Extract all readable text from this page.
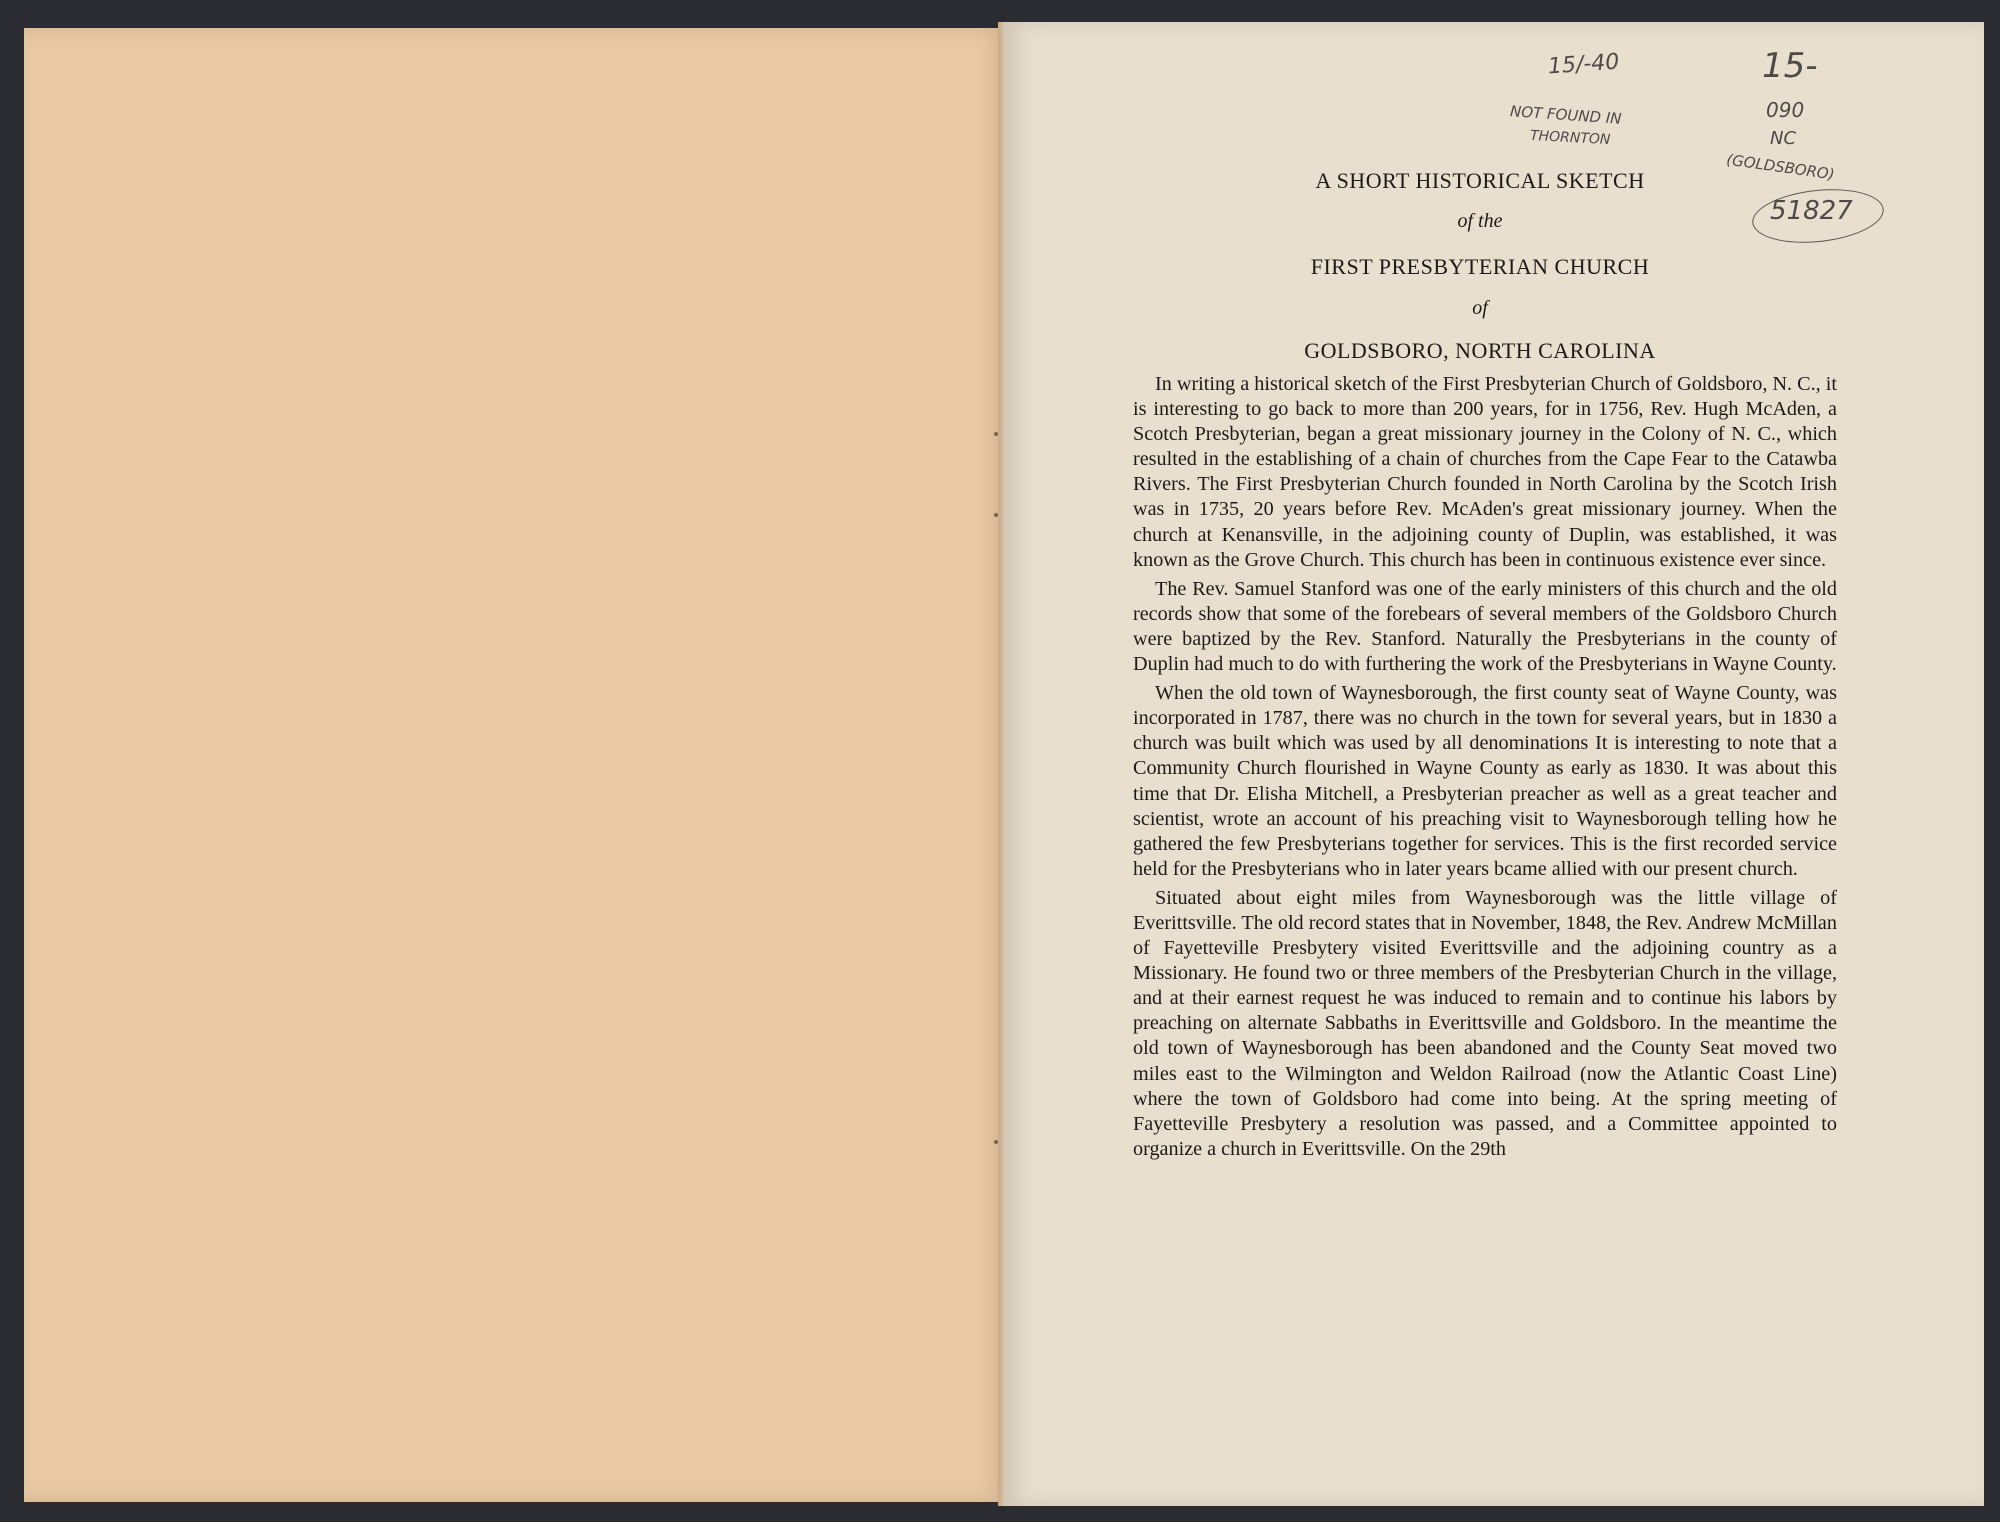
15/-40
NOT FOUND IN
THORNTON
15-
090
NC
(GOLDSBORO)
51827
A SHORT HISTORICAL SKETCH
of the
FIRST PRESBYTERIAN CHURCH
of
GOLDSBORO, NORTH CAROLINA

In writing a historical sketch of the First Presbyterian Church of Goldsboro, N. C., it is interesting to go back to more than 200 years, for in 1756, Rev. Hugh McAden, a Scotch Presbyterian, began a great missionary journey in the Colony of N. C., which resulted in the establishing of a chain of churches from the Cape Fear to the Catawba Rivers. The First Presbyterian Church founded in North Carolina by the Scotch Irish was in 1735, 20 years before Rev. McAden's great missionary journey. When the church at Kenansville, in the adjoining county of Duplin, was established, it was known as the Grove Church. This church has been in continuous existence ever since.

The Rev. Samuel Stanford was one of the early ministers of this church and the old records show that some of the forebears of several members of the Goldsboro Church were baptized by the Rev. Stanford. Naturally the Presbyterians in the county of Duplin had much to do with furthering the work of the Presbyterians in Wayne County.

When the old town of Waynesborough, the first county seat of Wayne County, was incorporated in 1787, there was no church in the town for several years, but in 1830 a church was built which was used by all denominations It is interesting to note that a Community Church flourished in Wayne County as early as 1830. It was about this time that Dr. Elisha Mitchell, a Presbyterian preacher as well as a great teacher and scientist, wrote an account of his preaching visit to Waynesborough telling how he gathered the few Presbyterians together for services. This is the first recorded service held for the Presbyterians who in later years bcame allied with our present church.

Situated about eight miles from Waynesborough was the little village of Everittsville. The old record states that in November, 1848, the Rev. Andrew McMillan of Fayetteville Presbytery visited Everittsville and the adjoining country as a Missionary. He found two or three members of the Presbyterian Church in the village, and at their earnest request he was induced to remain and to continue his labors by preaching on alternate Sabbaths in Everittsville and Goldsboro. In the meantime the old town of Waynesborough has been abandoned and the County Seat moved two miles east to the Wilmington and Weldon Railroad (now the Atlantic Coast Line) where the town of Goldsboro had come into being. At the spring meeting of Fayetteville Presbytery a resolution was passed, and a Committee appointed to organize a church in Everittsville. On the 29th
